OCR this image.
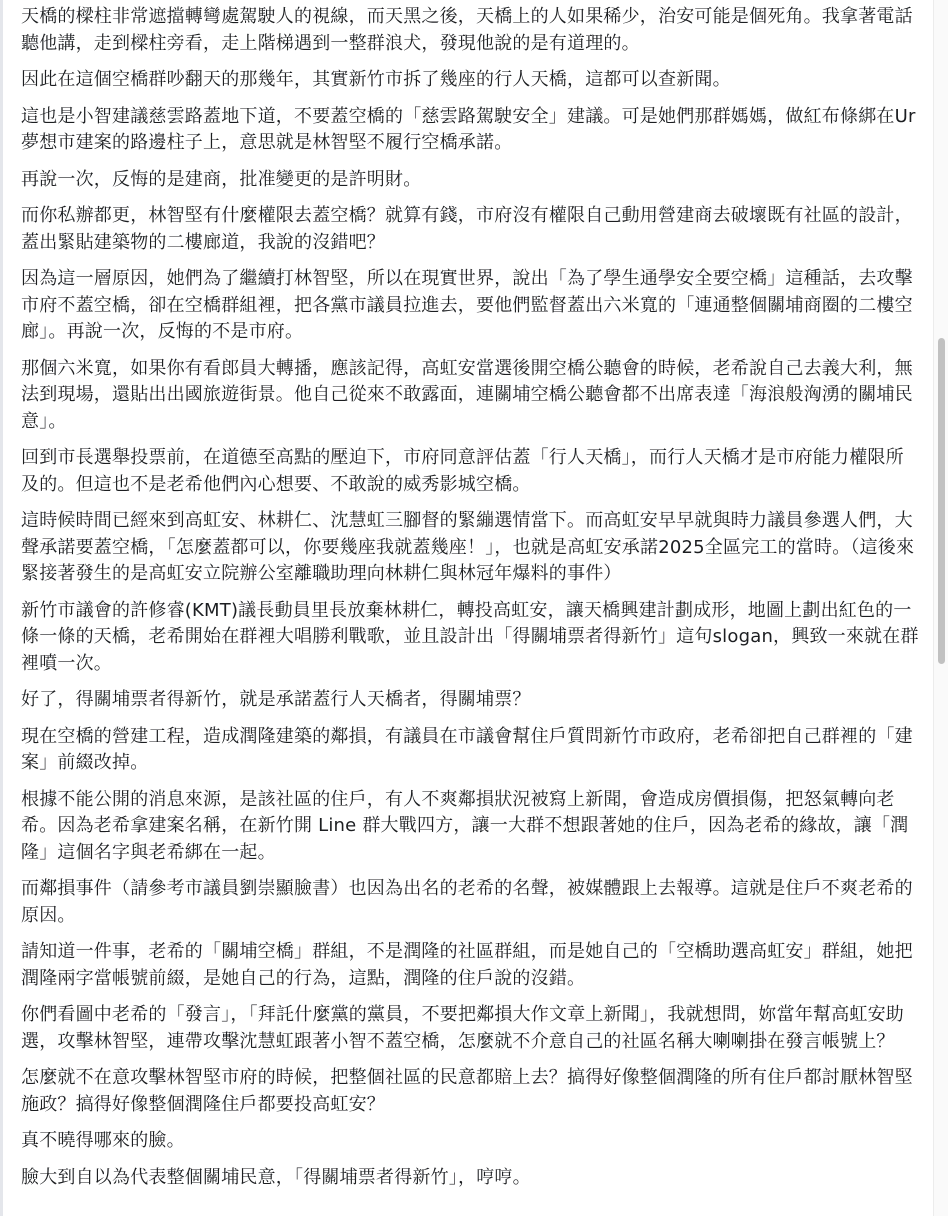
天橋的樑柱非常遮擋轉彎處駕駛人的視線，而天黑之後，天橋上的人如果稀少，治安可能是個死角。我拿著電話聽他講，走到樑柱旁看，走上階梯遇到一整群浪犬，發現他說的是有道理的。

因此在這個空橋群吵翻天的那幾年，其實新竹市拆了幾座的行人天橋，這都可以查新聞。

這也是小智建議慈雲路蓋地下道，不要蓋空橋的「慈雲路駕駛安全」建議。可是她們那群媽媽，做紅布條綁在Ur夢想市建案的路邊柱子上，意思就是林智堅不履行空橋承諾。

再說一次，反悔的是建商，批准變更的是許明財。

而你私辦都更，林智堅有什麼權限去蓋空橋？就算有錢，市府沒有權限自己動用營建商去破壞既有社區的設計，蓋出緊貼建築物的二樓廊道，我說的沒錯吧？

因為這一層原因，她們為了繼續打林智堅，所以在現實世界，說出「為了學生通學安全要空橋」這種話，去攻擊市府不蓋空橋，卻在空橋群組裡，把各黨市議員拉進去，要他們監督蓋出六米寬的「連通整個關埔商圈的二樓空廊」。再說一次，反悔的不是市府。

那個六米寬，如果你有看郎員大轉播，應該記得，高虹安當選後開空橋公聽會的時候，老希說自己去義大利，無法到現場，還貼出出國旅遊街景。他自己從來不敢露面，連關埔空橋公聽會都不出席表達「海浪般洶湧的關埔民意」。

回到市長選舉投票前，在道德至高點的壓迫下，市府同意評估蓋「行人天橋」，而行人天橋才是市府能力權限所及的。但這也不是老希他們內心想要、不敢說的威秀影城空橋。

這時候時間已經來到高虹安、林耕仁、沈慧虹三腳督的緊繃選情當下。而高虹安早早就與時力議員參選人們，大聲承諾要蓋空橋，「怎麼蓋都可以，你要幾座我就蓋幾座！」，也就是高虹安承諾2025全區完工的當時。（這後來緊接著發生的是高虹安立院辦公室離職助理向林耕仁與林冠年爆料的事件）

新竹市議會的許修睿(KMT)議長動員里長放棄林耕仁，轉投高虹安，讓天橋興建計劃成形，地圖上劃出紅色的一條一條的天橋，老希開始在群裡大唱勝利戰歌，並且設計出「得關埔票者得新竹」這句slogan，興致一來就在群裡噴一次。

好了，得關埔票者得新竹，就是承諾蓋行人天橋者，得關埔票？

現在空橋的營建工程，造成潤隆建築的鄰損，有議員在市議會幫住戶質問新竹市政府，老希卻把自己群裡的「建案」前綴改掉。

根據不能公開的消息來源，是該社區的住戶，有人不爽鄰損狀況被寫上新聞，會造成房價損傷，把怒氣轉向老希。因為老希拿建案名稱，在新竹開 Line 群大戰四方，讓一大群不想跟著她的住戶，因為老希的緣故，讓「潤隆」這個名字與老希綁在一起。

而鄰損事件（請參考市議員劉崇顯臉書）也因為出名的老希的名聲，被媒體跟上去報導。這就是住戶不爽老希的原因。

請知道一件事，老希的「關埔空橋」群組，不是潤隆的社區群組，而是她自己的「空橋助選高虹安」群組，她把潤隆兩字當帳號前綴，是她自己的行為，這點，潤隆的住戶說的沒錯。

你們看圖中老希的「發言」，「拜託什麼黨的黨員，不要把鄰損大作文章上新聞」，我就想問，妳當年幫高虹安助選，攻擊林智堅，連帶攻擊沈慧虹跟著小智不蓋空橋，怎麼就不介意自己的社區名稱大喇喇掛在發言帳號上？

怎麼就不在意攻擊林智堅市府的時候，把整個社區的民意都賠上去？搞得好像整個潤隆的所有住戶都討厭林智堅施政？搞得好像整個潤隆住戶都要投高虹安？

真不曉得哪來的臉。

臉大到自以為代表整個關埔民意，「得關埔票者得新竹」，哼哼。
